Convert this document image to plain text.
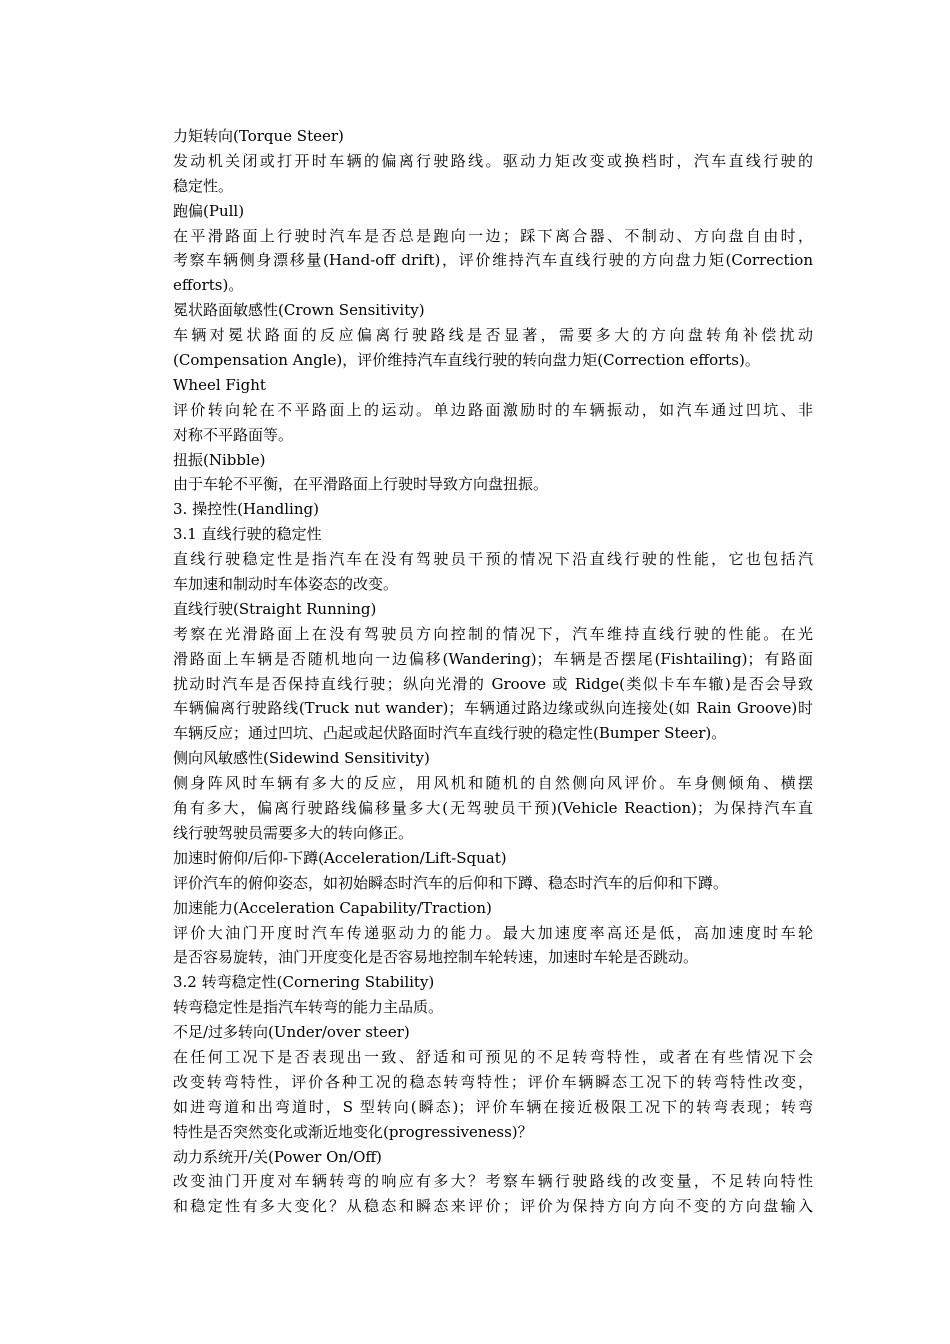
力矩转向(Torque Steer)
发动机关闭或打开时车辆的偏离行驶路线。驱动力矩改变或换档时，汽车直线行驶的
稳定性。
跑偏(Pull)
在平滑路面上行驶时汽车是否总是跑向一边；踩下离合器、不制动、方向盘自由时，
考察车辆侧身漂移量(Hand-off drift)，评价维持汽车直线行驶的方向盘力矩(Correction
efforts)。
冕状路面敏感性(Crown Sensitivity)
车辆对冕状路面的反应偏离行驶路线是否显著，需要多大的方向盘转角补偿扰动
(Compensation Angle)，评价维持汽车直线行驶的转向盘力矩(Correction efforts)。
Wheel Fight
评价转向轮在不平路面上的运动。单边路面激励时的车辆振动，如汽车通过凹坑、非
对称不平路面等。
扭振(Nibble)
由于车轮不平衡，在平滑路面上行驶时导致方向盘扭振。
3. 操控性(Handling)
3.1 直线行驶的稳定性
直线行驶稳定性是指汽车在没有驾驶员干预的情况下沿直线行驶的性能，它也包括汽
车加速和制动时车体姿态的改变。
直线行驶(Straight Running)
考察在光滑路面上在没有驾驶员方向控制的情况下，汽车维持直线行驶的性能。在光
滑路面上车辆是否随机地向一边偏移(Wandering)；车辆是否摆尾(Fishtailing)；有路面
扰动时汽车是否保持直线行驶；纵向光滑的 Groove 或 Ridge(类似卡车车辙)是否会导致
车辆偏离行驶路线(Truck nut wander)；车辆通过路边缘或纵向连接处(如 Rain Groove)时
车辆反应；通过凹坑、凸起或起伏路面时汽车直线行驶的稳定性(Bumper Steer)。
侧向风敏感性(Sidewind Sensitivity)
侧身阵风时车辆有多大的反应，用风机和随机的自然侧向风评价。车身侧倾角、横摆
角有多大，偏离行驶路线偏移量多大(无驾驶员干预)(Vehicle Reaction)；为保持汽车直
线行驶驾驶员需要多大的转向修正。
加速时俯仰/后仰-下蹲(Acceleration/Lift-Squat)
评价汽车的俯仰姿态，如初始瞬态时汽车的后仰和下蹲、稳态时汽车的后仰和下蹲。
加速能力(Acceleration Capability/Traction)
评价大油门开度时汽车传递驱动力的能力。最大加速度率高还是低，高加速度时车轮
是否容易旋转，油门开度变化是否容易地控制车轮转速，加速时车轮是否跳动。
3.2 转弯稳定性(Cornering Stability)
转弯稳定性是指汽车转弯的能力主品质。
不足/过多转向(Under/over steer)
在任何工况下是否表现出一致、舒适和可预见的不足转弯特性，或者在有些情况下会
改变转弯特性，评价各种工况的稳态转弯特性；评价车辆瞬态工况下的转弯特性改变，
如进弯道和出弯道时，S 型转向(瞬态)；评价车辆在接近极限工况下的转弯表现；转弯
特性是否突然变化或渐近地变化(progressiveness)？
动力系统开/关(Power On/Off)
改变油门开度对车辆转弯的响应有多大？考察车辆行驶路线的改变量，不足转向特性
和稳定性有多大变化？从稳态和瞬态来评价；评价为保持方向方向不变的方向盘输入
